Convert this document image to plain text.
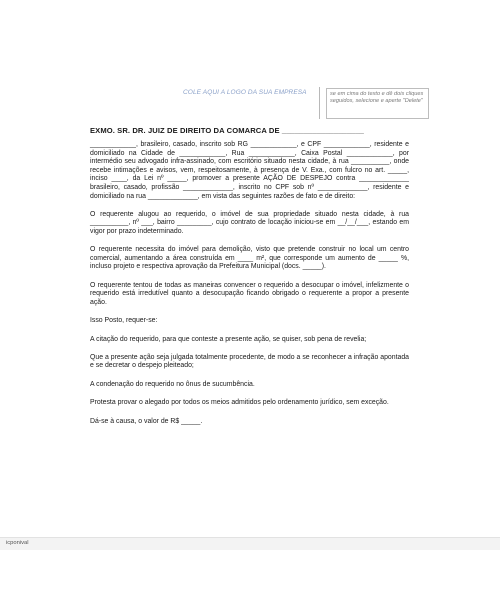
COLE AQUI A LOGO DA SUA EMPRESA	se em cima do texto e dê dois cliques seguidos, selecione e aperte "Delete"
EXMO. SR. DR. JUIZ DE DIREITO DA COMARCA DE ___________________

____________, brasileiro, casado, inscrito sob RG ____________, e CPF ____________, residente e domiciliado na Cidade de ____________, Rua ____________, Caixa Postal ____________, por intermédio seu advogado infra-assinado, com escritório situado nesta cidade, à rua __________, onde recebe intimações e avisos, vem, respeitosamente, à presença de V. Exa., com fulcro no art. _____, inciso ____, da Lei nº _____, promover a presente AÇÃO DE DESPEJO contra _____________ brasileiro, casado, profissão _____________, inscrito no CPF sob nº _____________, residente e domiciliado na rua _____________, em vista das seguintes razões de fato e de direito:

O requerente alugou ao requerido, o imóvel de sua propriedade situado nesta cidade, à rua __________, nº ___, bairro _________, cujo contrato de locação iniciou-se em __/__/___, estando em vigor por prazo indeterminado.

O requerente necessita do imóvel para demolição, visto que pretende construir no local um centro comercial, aumentando a área construída em ____ m², que corresponde um aumento de _____ %, incluso projeto e respectiva aprovação da Prefeitura Municipal (docs. _____).

O requerente tentou de todas as maneiras convencer o requerido a desocupar o imóvel, infelizmente o requerido está irredutível quanto a desocupação ficando obrigado o requerente a propor a presente ação.

Isso Posto, requer-se:

A citação do requerido, para que conteste a presente ação, se quiser, sob pena de revelia;

Que a presente ação seja julgada totalmente procedente, de modo a se reconhecer a infração apontada e se decretar o despejo pleiteado;

A condenação do requerido no ônus de sucumbência.

Protesta provar o alegado por todos os meios admitidos pelo ordenamento jurídico, sem exceção.

Dá-se à causa, o valor de R$ _____.

icponival
